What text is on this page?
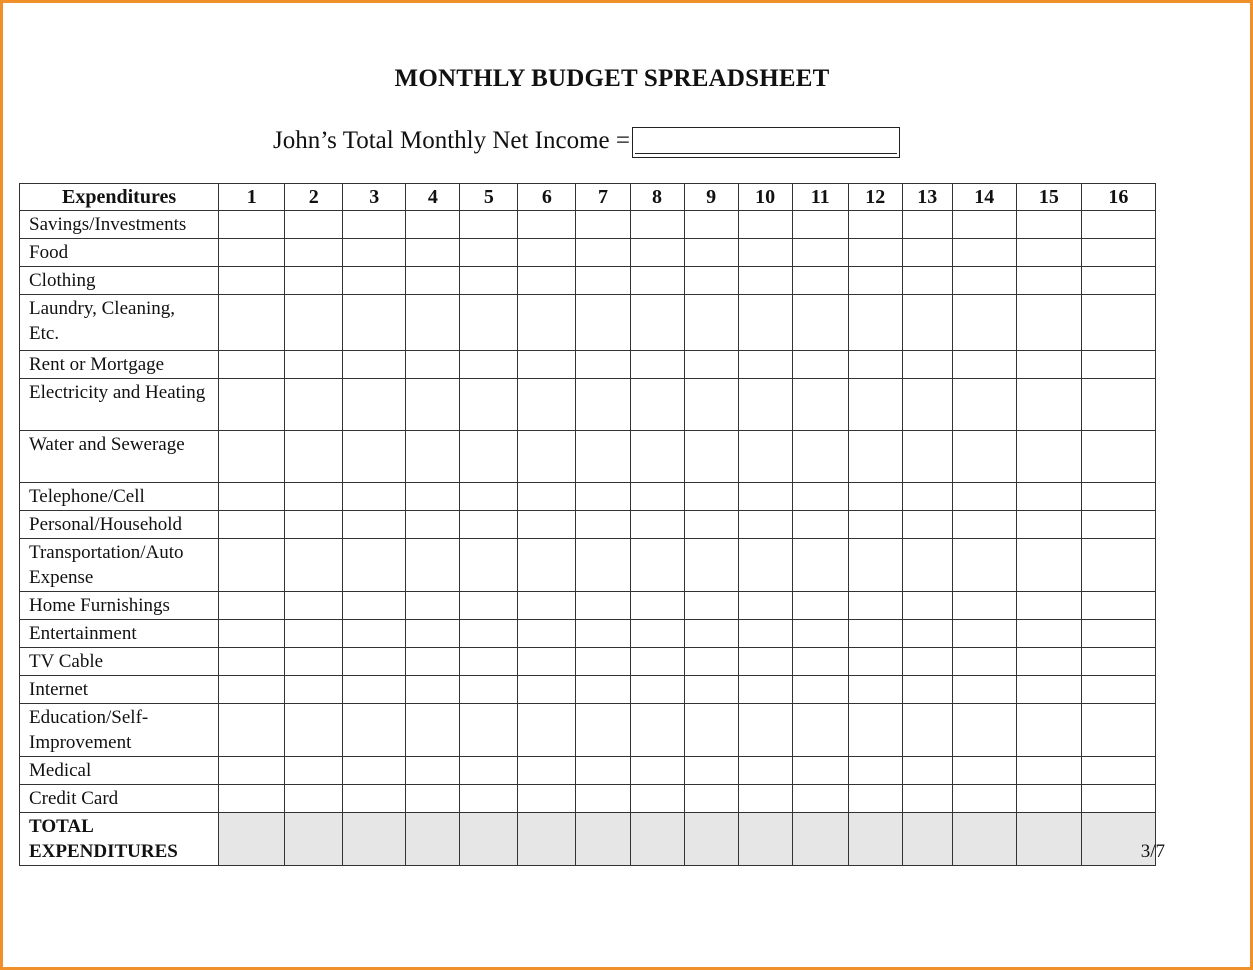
MONTHLY BUDGET SPREADSHEET
John’s Total Monthly Net Income =
Expenditures	1	2	3	4	5	6	7	8	9	10	11	12	13	14	15	16
Savings/Investments																
Food																
Clothing																
Laundry, Cleaning, Etc.																
Rent or Mortgage																
Electricity and Heating																
Water and Sewerage																
Telephone/Cell																
Personal/Household																
Transportation/Auto Expense																
Home Furnishings																
Entertainment																
TV Cable																
Internet																
Education/Self-Improvement																
Medical																
Credit Card																
TOTAL EXPENDITURES																	3/7
